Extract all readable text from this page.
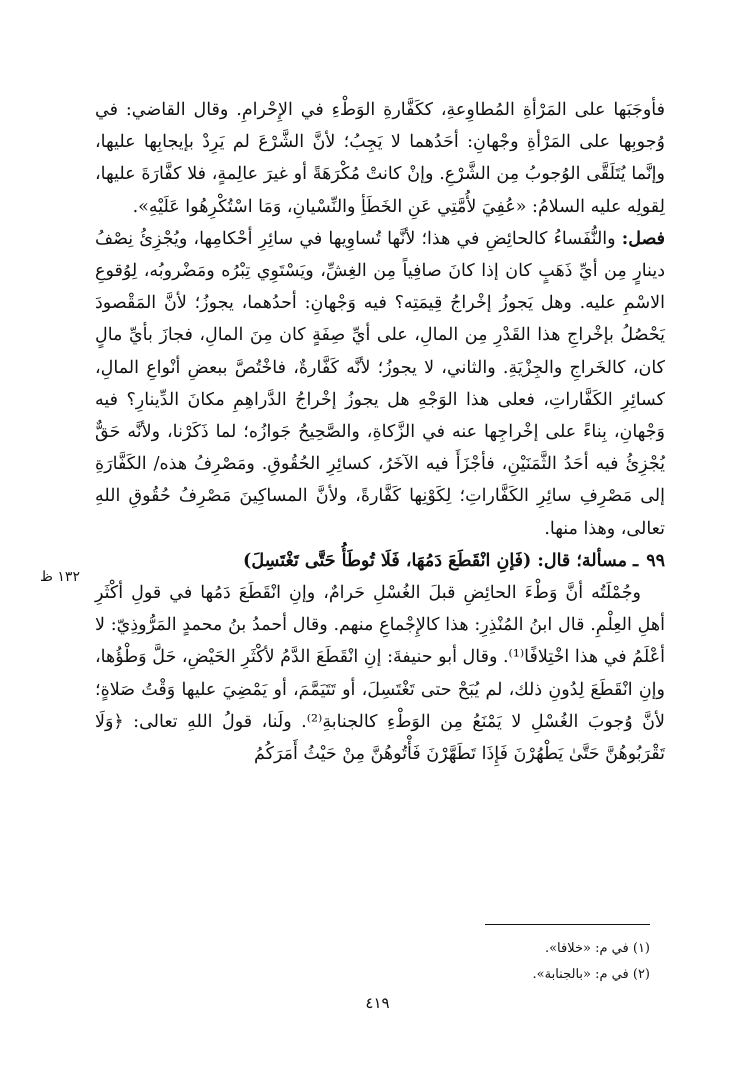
فأوجَبَها على المَرْأةِ المُطاوِعةِ، ككَفَّارةِ الوَطْءِ في الإِحْرامِ. وقال القاضي: في وُجوبِها على المَرْأةِ وجْهانِ: أحَدُهما لا يَجِبُ؛ لأنَّ الشَّرْعَ لم يَرِدْ بإيجابِها عليها، وإنَّما يُتَلَقَّى الوُجوبُ مِن الشَّرْعِ. وإنْ كانتْ مُكْرَهَةً أو غيرَ عالِمةٍ، فلا كفَّارَةَ عليها، لِقولِه عليه السلامُ: «عُفِيَ لأُمَّتِي عَنِ الخَطَأِ والنِّسْيانِ، وَمَا اسْتُكْرِهُوا عَلَيْهِ».

فصل: والنُّفَساءُ كالحائِضِ في هذا؛ لأنَّها تُساوِيها في سائِرِ أحْكامِها، ويُجْزِئُ نِصْفُ دينارٍ مِن أيِّ ذَهَبٍ كان إذا كانَ صافِياً مِن الغِشِّ، ويَسْتَوِي تِبْرُه ومَضْروبُه، لِوُقوعِ الاسْمِ عليه. وهل يَجوزُ إخْراجُ قِيمَتِه؟ فيه وَجْهانِ: أحدُهما، يجوزُ؛ لأنَّ المَقْصودَ يَحْصُلُ بإخْراجِ هذا القَدْرِ مِن المالِ، على أيِّ صِفَةٍ كان مِنَ المالِ، فجازَ بأيِّ مالٍ كان، كالخَراجِ والجِزْيَةِ. والثاني، لا يجوزُ؛ لأنَّه كَفَّارةٌ، فاخْتُصَّ ببعضِ أنْواعِ المالِ، كسائِرِ الكَفَّاراتِ، فعلى هذا الوَجْهِ هل يجوزُ إخْراجُ الدَّراهِمِ مكانَ الدِّينارِ؟ فيه وَجْهانِ، بِناءً على إخْراجِها عنه في الزَّكاةِ، والصَّحِيحُ جَوازُه؛ لما ذَكَرْنا، ولأنَّه حَقٌّ يُجْزِئُ فيه أحَدُ الثَّمَنَيْنِ، فأجْزَأَ فيه الآخَرُ، كسائِرِ الحُقُوقِ. ومَصْرِفُ هذه/ الكَفَّارَةِ إلى مَصْرِفِ سائِرِ الكَفَّاراتِ؛ لِكَوْنِها كَفَّارةً، ولأنَّ المساكِينَ مَصْرِفُ حُقُوقِ اللهِ تعالى، وهذا منها.

٩٩ـ مسألة؛ قال: (فَإنِ انْقَطَعَ دَمُهَا، فَلَا تُوطَأُ حَتَّى تَغْتَسِلَ)

وجُمْلَتُه أنَّ وَطْءَ الحائِضِ قبلَ الغُسْلِ حَرامٌ، وإنِ انْقَطَعَ دَمُها في قولِ أكْثَرِ أهلِ العِلْمِ. قال ابنُ المُنْذِرِ: هذا كالإِجْماعِ منهم. وقال أحمدُ بنُ محمدٍ المَرُّوذِيّ: لا أعْلَمُ في هذا اخْتِلافًا⁽¹⁾. وقال أبو حنيفةَ: إنِ انْقَطَعَ الدَّمُ لأكْثَرِ الحَيْضِ، حَلَّ وَطْؤُها، وإنِ انْقَطَعَ لِدُونِ ذلك، لم يُبَحْ حتى تَغْتَسِلَ، أو تَتَيَمَّمَ، أو يَمْضِيَ عليها وَقْتُ صَلاةٍ؛ لأنَّ وُجوبَ الغُسْلِ لا يَمْنَعُ مِن الوَطْءِ كالجنابةِ⁽²⁾. ولَنا، قولُ اللهِ تعالى: ﴿وَلَا تَقْرَبُوهُنَّ حَتَّىٰ يَطْهُرْنَ فَإِذَا تَطَهَّرْنَ فَأْتُوهُنَّ مِنْ حَيْثُ أَمَرَكُمُ

١٣٢ ظ
(١) في م: «خلافا».
(٢) في م: «بالجنابة».
٤١٩
